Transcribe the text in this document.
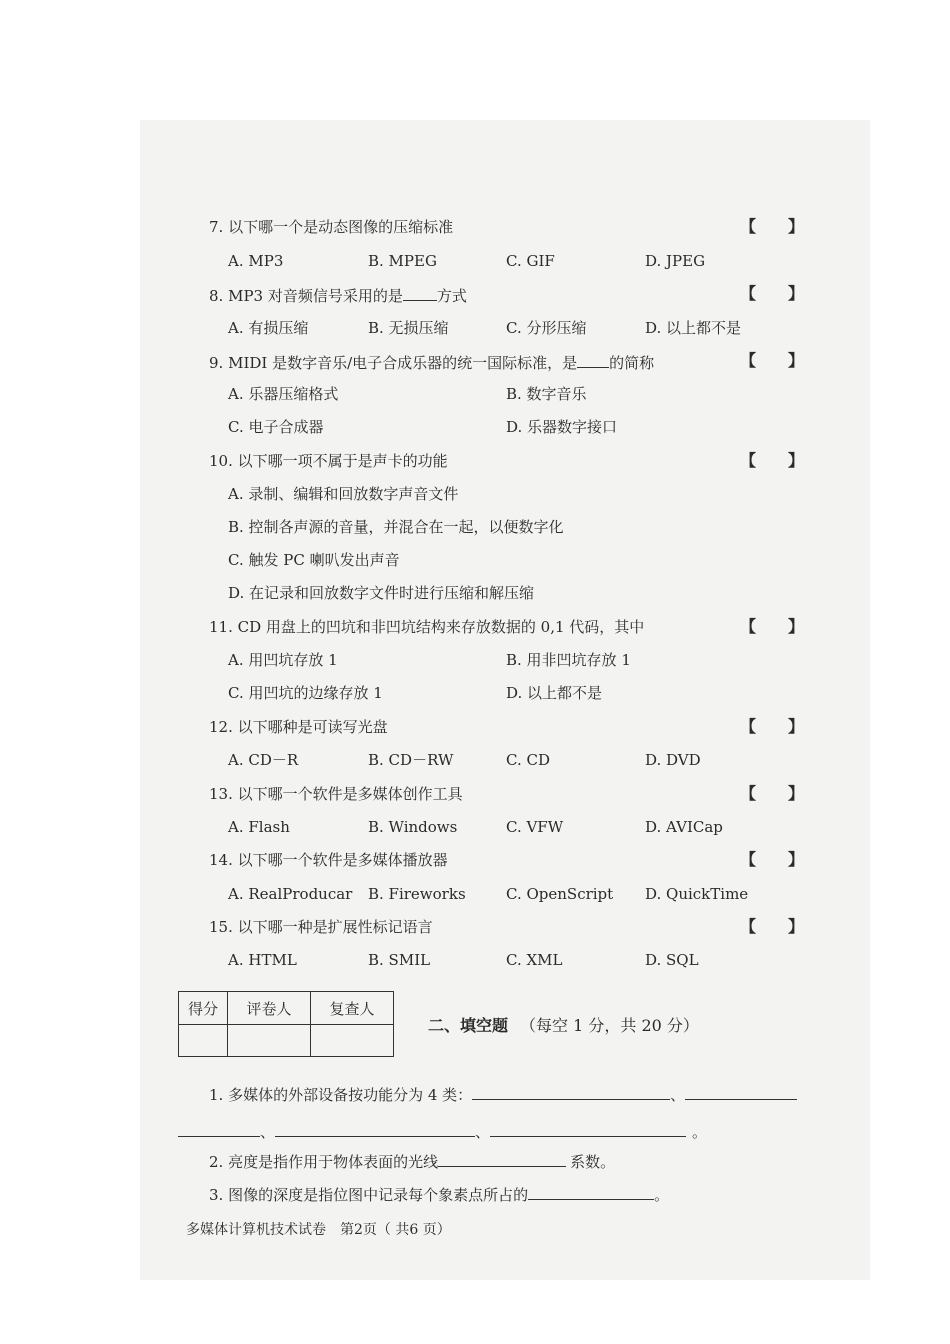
7. 以下哪一个是动态图像的压缩标准	【 】
A. MP3	B. MPEG	C. GIF	D. JPEG
8. MP3 对音频信号采用的是 方式	【 】
A. 有损压缩	B. 无损压缩	C. 分形压缩	D. 以上都不是
9. MIDI 是数字音乐/电子合成乐器的统一国际标准，是 的简称	【 】
A. 乐器压缩格式	B. 数字音乐
C. 电子合成器	D. 乐器数字接口
10. 以下哪一项不属于是声卡的功能	【 】
A. 录制、编辑和回放数字声音文件
B. 控制各声源的音量，并混合在一起，以便数字化
C. 触发 PC 喇叭发出声音
D. 在记录和回放数字文件时进行压缩和解压缩
11. CD 用盘上的凹坑和非凹坑结构来存放数据的 0,1 代码，其中	【 】
A. 用凹坑存放 1	B. 用非凹坑存放 1
C. 用凹坑的边缘存放 1	D. 以上都不是
12. 以下哪种是可读写光盘	【 】
A. CD－R	B. CD－RW	C. CD	D. DVD
13. 以下哪一个软件是多媒体创作工具	【 】
A. Flash	B. Windows	C. VFW	D. AVICap
14. 以下哪一个软件是多媒体播放器	【 】
A. RealProducar B. Fireworks	C. OpenScript D. QuickTime
15. 以下哪一种是扩展性标记语言	【 】
A. HTML	B. SMIL	C. XML	D. SQL
得分	评卷人	复查人

二、填空题 （每空 1 分，共 20 分）
1. 多媒体的外部设备按功能分为 4 类：	、
、	、	。
2. 亮度是指作用于物体表面的光线	系数。
3. 图像的深度是指位图中记录每个象素点所占的	。
多媒体计算机技术试卷　第2页（ 共6 页）
